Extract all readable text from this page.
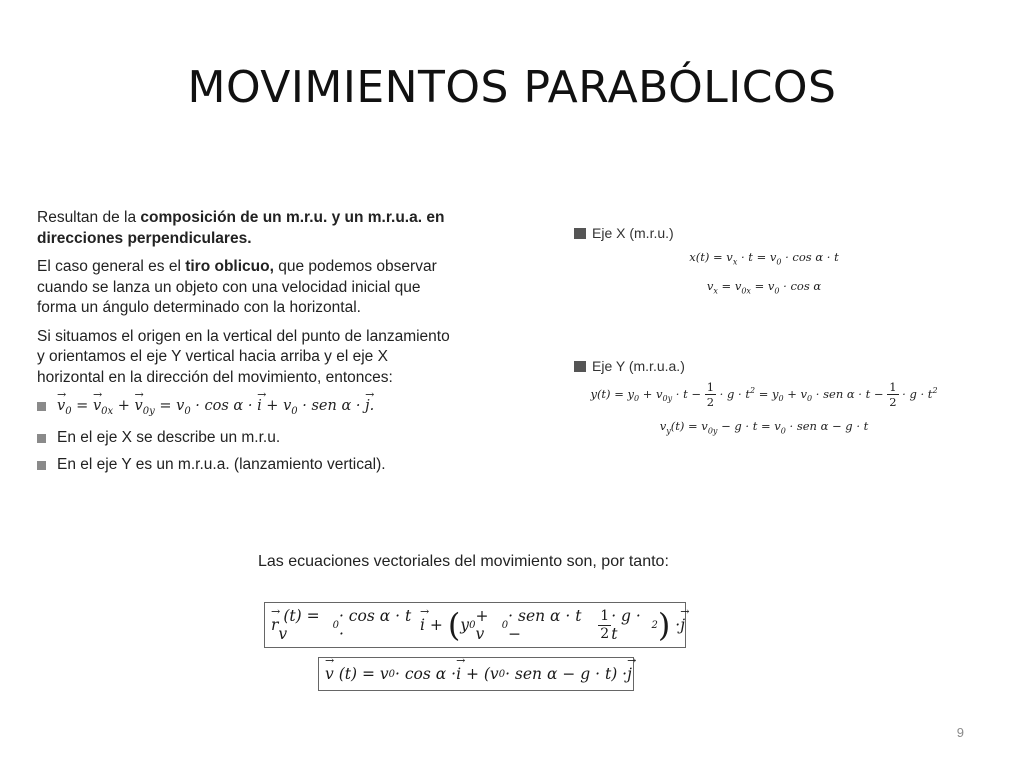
MOVIMIENTOS PARABÓLICOS

Resultan de la composición de un m.r.u. y un m.r.u.a. en direcciones perpendiculares.

El caso general es el tiro oblicuo, que podemos observar cuando se lanza un objeto con una velocidad inicial que forma un ángulo determinado con la horizontal.

Si situamos el origen en la vertical del punto de lanzamiento y orientamos el eje Y vertical hacia arriba y el eje X horizontal en la dirección del movimiento, entonces:

→ $v_0$ = → $v_{0x}$ + → $v_{0y} = v_0 \cdot \cos \alpha$ · → $i + v_0$ · sen α · → j.
En el eje X se describe un m.r.u.
En el eje Y es un m.r.u.a. (lanzamiento vertical).
Eje X (m.r.u.)
$x(t) = v_x \cdot t = v_0 \cdot \cos \alpha \cdot t$
$v_x = v_{0x} = v_0 \cdot \cos \alpha$
Eje Y (m.r.u.a.)
$y(t) = y_0 + v_{0y} \cdot t - \frac{1}{2} \cdot g \cdot t^2 = y_0 + v_0$ · sen $\alpha \cdot t - \frac{1}{2} \cdot g \cdot t^2$
$v_y(t) = v_{0y} - g \cdot t = v_0$ · sen α − g · t
Las ecuaciones vectoriales del movimiento son, por tanto:
→ r (t) = v	0 · cos α · t ·	→ i + ( y 0 + v 0 · sen α · t −	$\frac{1}{2} \cdot g \cdot t$	2 ) · → j
→ v (t) = v 0 · cos α · → i + (v 0 · sen α − g · t) · → j
9
